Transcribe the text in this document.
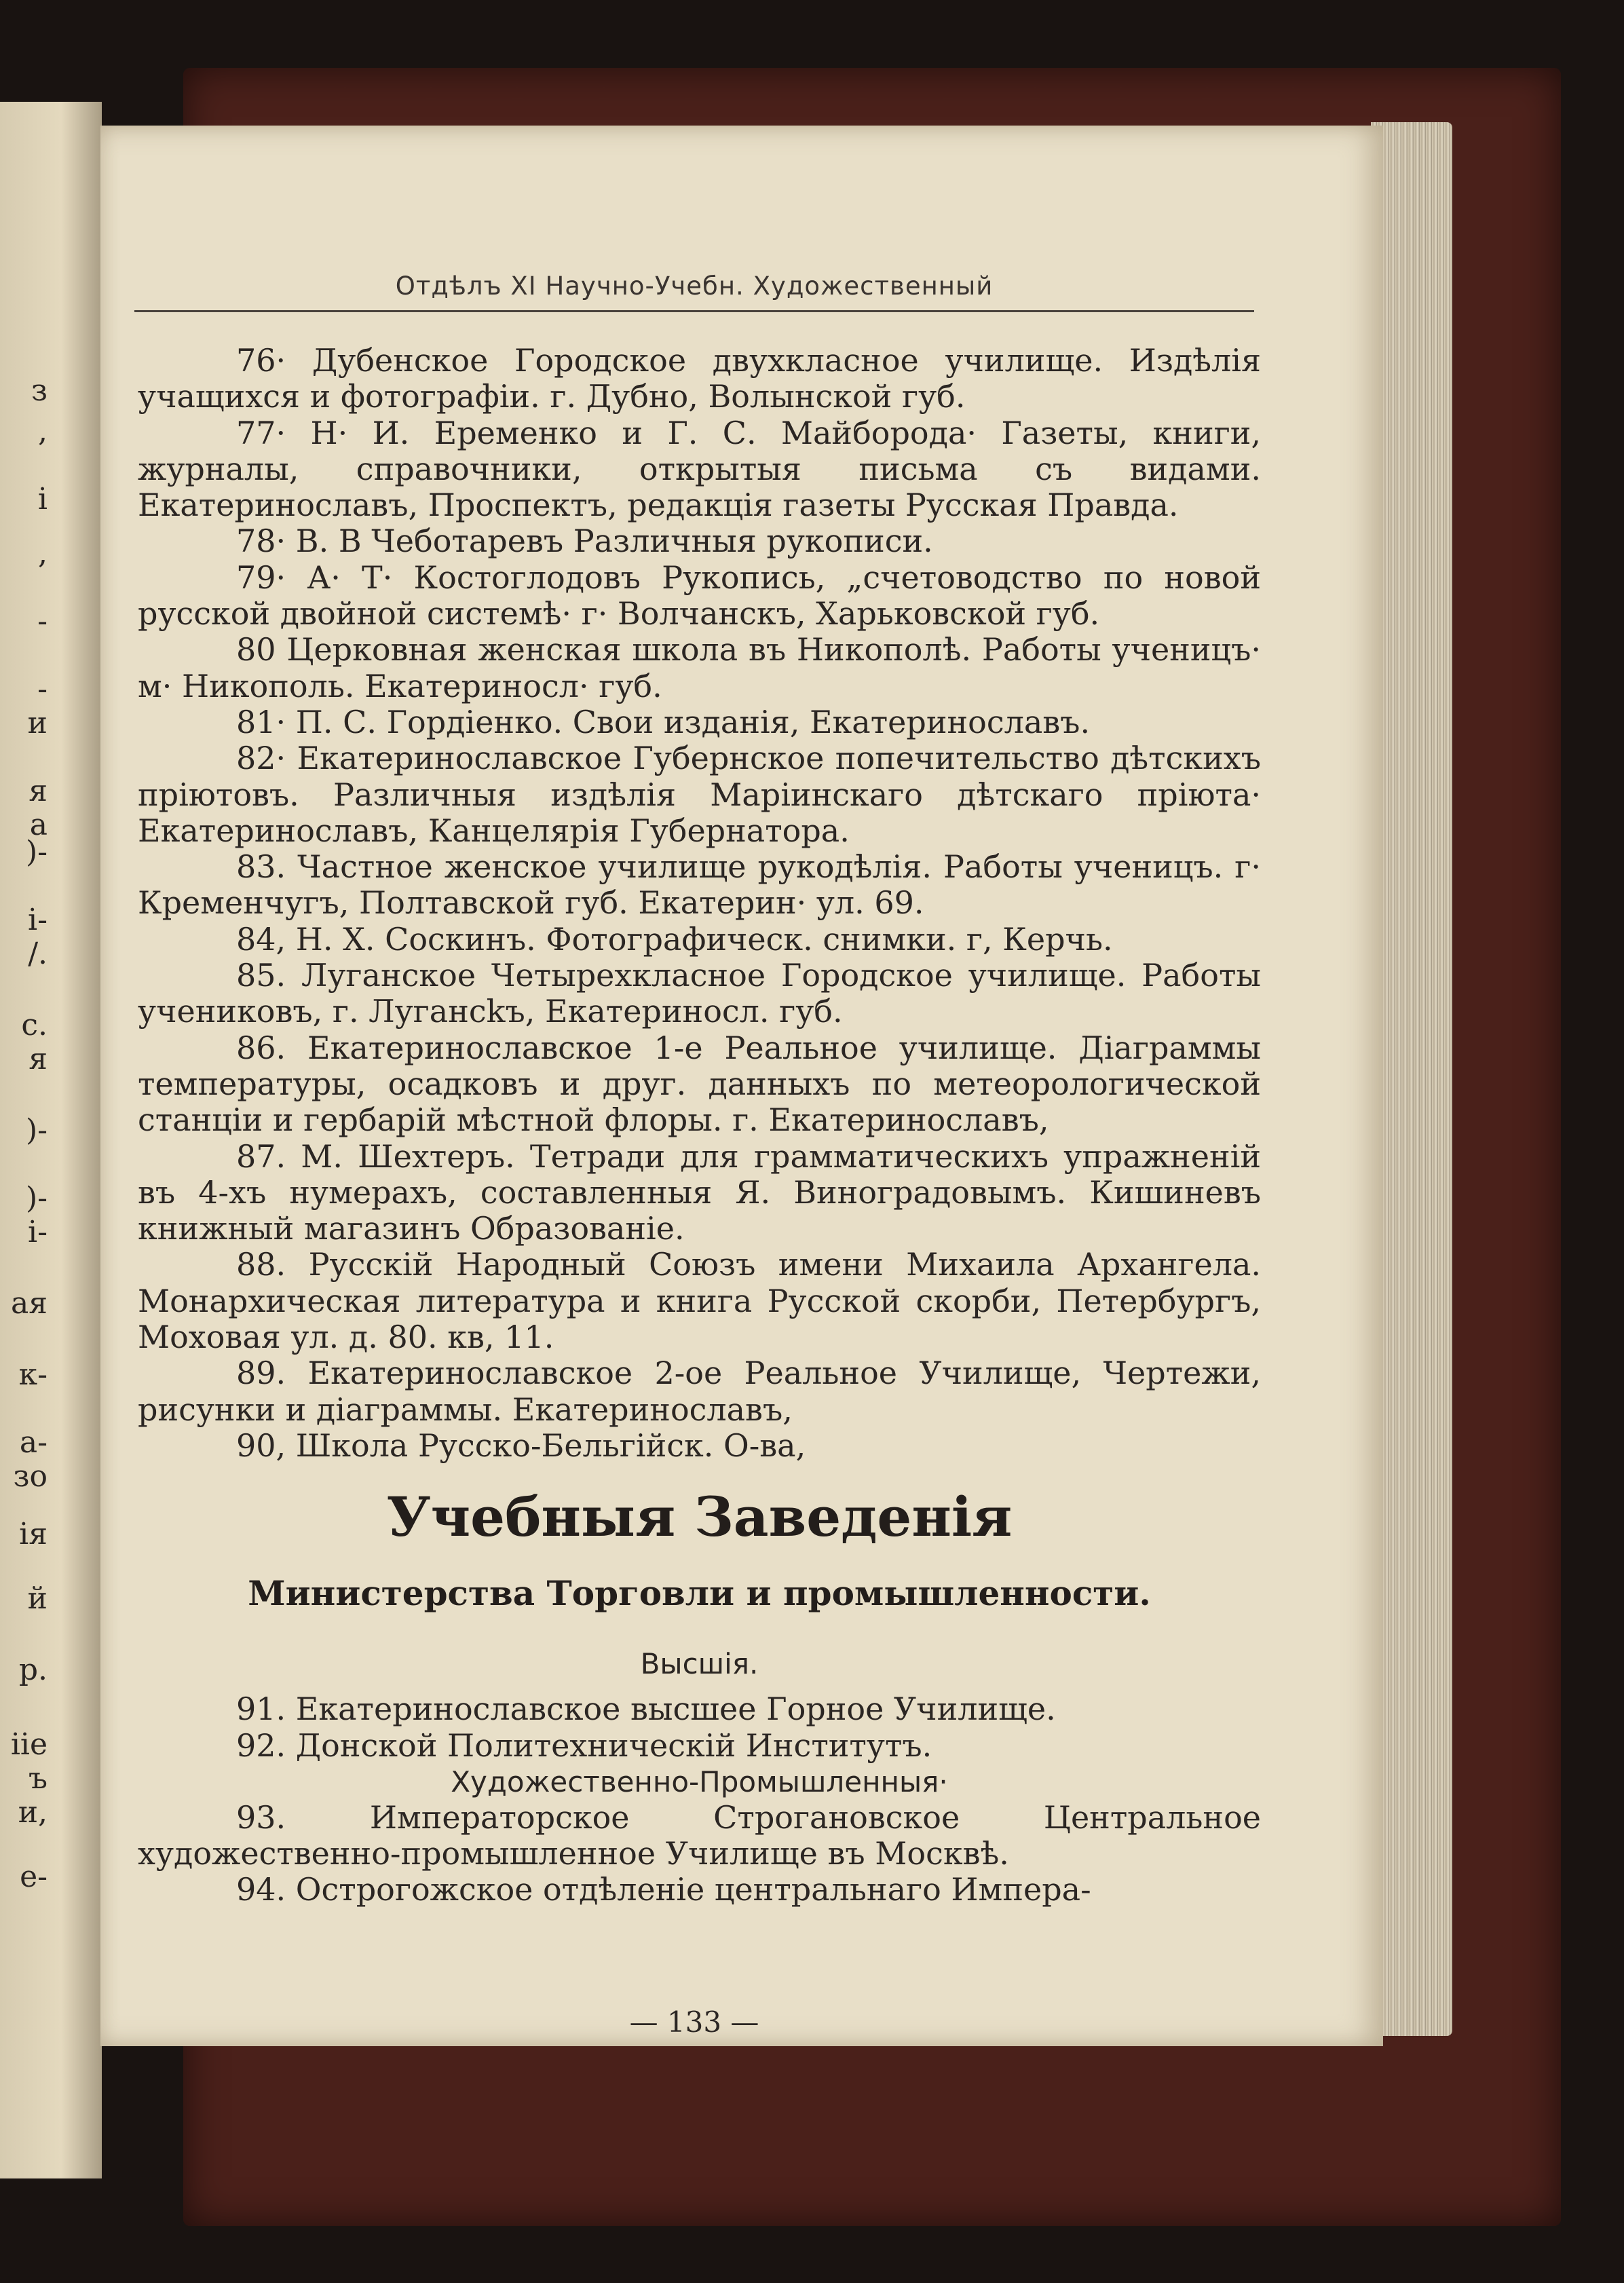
з
,
і
,
-
-
и
я
а
)-
і-
/.
с.
я
)-
)-
і-
ая
к-
а-
зо
ія
й
р.
ііе
ъ
и,
е-
Отдѣлъ XI Научно-Учебн. Художественный
76· Дубенское Городское двухкласное училище. Издѣлія учащихся и фотографіи. г. Дубно, Волынской губ.
77· Н· И. Еременко и Г. С. Майборода· Газеты, книги, журналы, справочники, открытыя письма съ видами. Екатеринославъ, Проспектъ, редакція газеты Русская Правда.
78· В. В Чеботаревъ Различныя рукописи.
79· А· Т· Костоглодовъ Рукопись, „счетоводство по новой русской двойной системѣ· г· Волчанскъ, Харьковской губ.
80 Церковная женская школа въ Никополѣ. Работы ученицъ· м· Никополь. Екатериносл· губ.
81· П. С. Гордіенко. Свои изданія, Екатеринославъ.
82· Екатеринославское Губернское попечительство дѣтскихъ пріютовъ. Различныя издѣлія Маріинскаго дѣтскаго пріюта· Екатеринославъ, Канцелярія Губернатора.
83. Частное женское училище рукодѣлія. Работы ученицъ. г· Кременчугъ, Полтавской губ. Екатерин· ул. 69.
84, Н. Х. Соскинъ. Фотографическ. снимки. г, Керчь.
85. Луганское Четырехкласное Городское училище. Работы учениковъ, г. Лугансkъ, Екатериносл. губ.
86. Екатеринославское 1-е Реальное училище. Діаграммы температуры, осадковъ и друг. данныхъ по метеорологической станціи и гербарій мѣстной флоры. г. Екатеринославъ,
87. М. Шехтеръ. Тетради для грамматическихъ упражненій въ 4-хъ нумерахъ, составленныя Я. Виноградовымъ. Кишиневъ книжный магазинъ Образованіе.
88. Русскій Народный Союзъ имени Михаила Архангела. Монархическая литература и книга Русской скорби, Петербургъ, Моховая ул. д. 80. кв, 11.
89. Екатеринославское 2-ое Реальное Училище, Чертежи, рисунки и діаграммы. Екатеринославъ,
90, Школа Русско-Бельгійск. О-ва,
Учебныя Заведенія
Министерства Торговли и промышленности.
Высшія.
91. Екатеринославское высшее Горное Училище.
92. Донской Политехническій Институтъ.
Художественно-Промышленныя·
93. Императорское Строгановское Центральное художественно-промышленное Училище въ Москвѣ.
94. Острогожское отдѣленіе центральнаго Импера-
— 133 —
